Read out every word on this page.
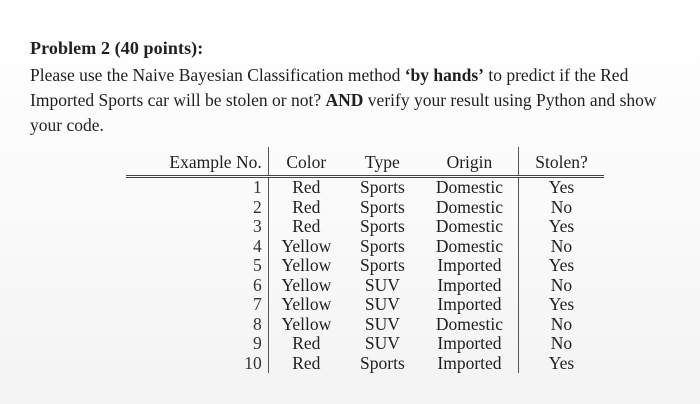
Problem 2 (40 points):
Please use the Naive Bayesian Classification method ‘by hands’ to predict if the Red
Imported Sports car will be stolen or not? AND verify your result using Python and show
your code.
Example No.	Color	Type	Origin	Stolen?
1	Red	Sports	Domestic	Yes
2	Red	Sports	Domestic	No
3	Red	Sports	Domestic	Yes
4	Yellow	Sports	Domestic	No
5	Yellow	Sports	Imported	Yes
6	Yellow	SUV	Imported	No
7	Yellow	SUV	Imported	Yes
8	Yellow	SUV	Domestic	No
9	Red	SUV	Imported	No
10	Red	Sports	Imported	Yes
